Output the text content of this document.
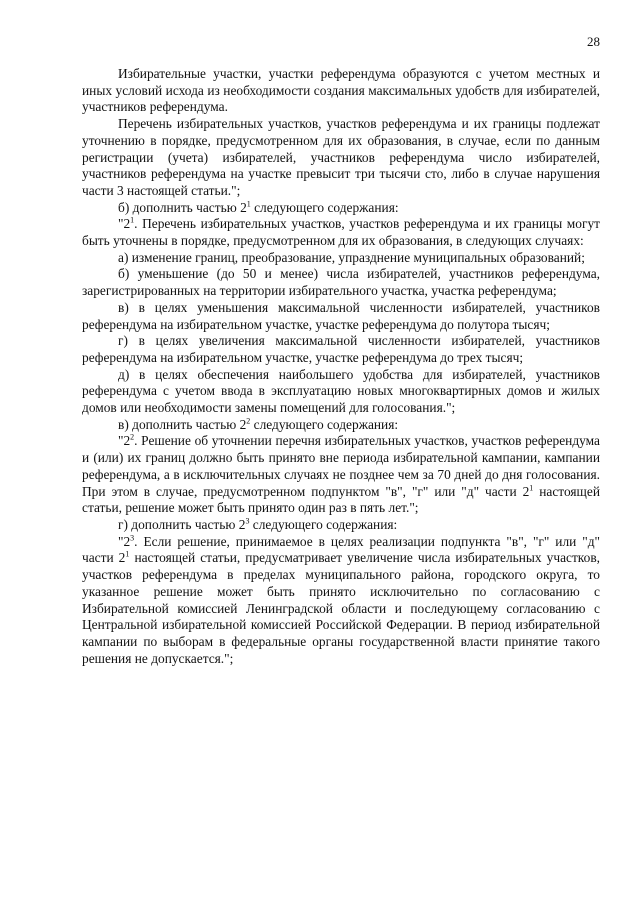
28

Избирательные участки, участки референдума образуются с учетом местных и иных условий исхода из необходимости создания максимальных удобств для избирателей, участников референдума.

Перечень избирательных участков, участков референдума и их границы подлежат уточнению в порядке, предусмотренном для их образования, в случае, если по данным регистрации (учета) избирателей, участников референдума число избирателей, участников референдума на участке превысит три тысячи сто, либо в случае нарушения части 3 настоящей статьи.";

б) дополнить частью $2^1$ следующего содержания:

"$2^1$. Перечень избирательных участков, участков референдума и их границы могут быть уточнены в порядке, предусмотренном для их образования, в следующих случаях:

а) изменение границ, преобразование, упразднение муниципальных образований;

б) уменьшение (до 50 и менее) числа избирателей, участников референдума, зарегистрированных на территории избирательного участка, участка референдума;

в) в целях уменьшения максимальной численности избирателей, участников референдума на избирательном участке, участке референдума до полутора тысяч;

г) в целях увеличения максимальной численности избирателей, участников референдума на избирательном участке, участке референдума до трех тысяч;

д) в целях обеспечения наибольшего удобства для избирателей, участников референдума с учетом ввода в эксплуатацию новых многоквартирных домов и жилых домов или необходимости замены помещений для голосования.";

в) дополнить частью $2^2$ следующего содержания:

"$2^2$. Решение об уточнении перечня избирательных участков, участков референдума и (или) их границ должно быть принято вне периода избирательной кампании, кампании референдума, а в исключительных случаях не позднее чем за 70 дней до дня голосования. При этом в случае, предусмотренном подпунктом "в", "г" или "д" части $2^1$ настоящей статьи, решение может быть принято один раз в пять лет.";

г) дополнить частью $2^3$ следующего содержания:

"$2^3$. Если решение, принимаемое в целях реализации подпункта "в", "г" или "д" части $2^1$ настоящей статьи, предусматривает увеличение числа избирательных участков, участков референдума в пределах муниципального района, городского округа, то указанное решение может быть принято исключительно по согласованию с Избирательной комиссией Ленинградской области и последующему согласованию с Центральной избирательной комиссией Российской Федерации. В период избирательной кампании по выборам в федеральные органы государственной власти принятие такого решения не допускается.";
